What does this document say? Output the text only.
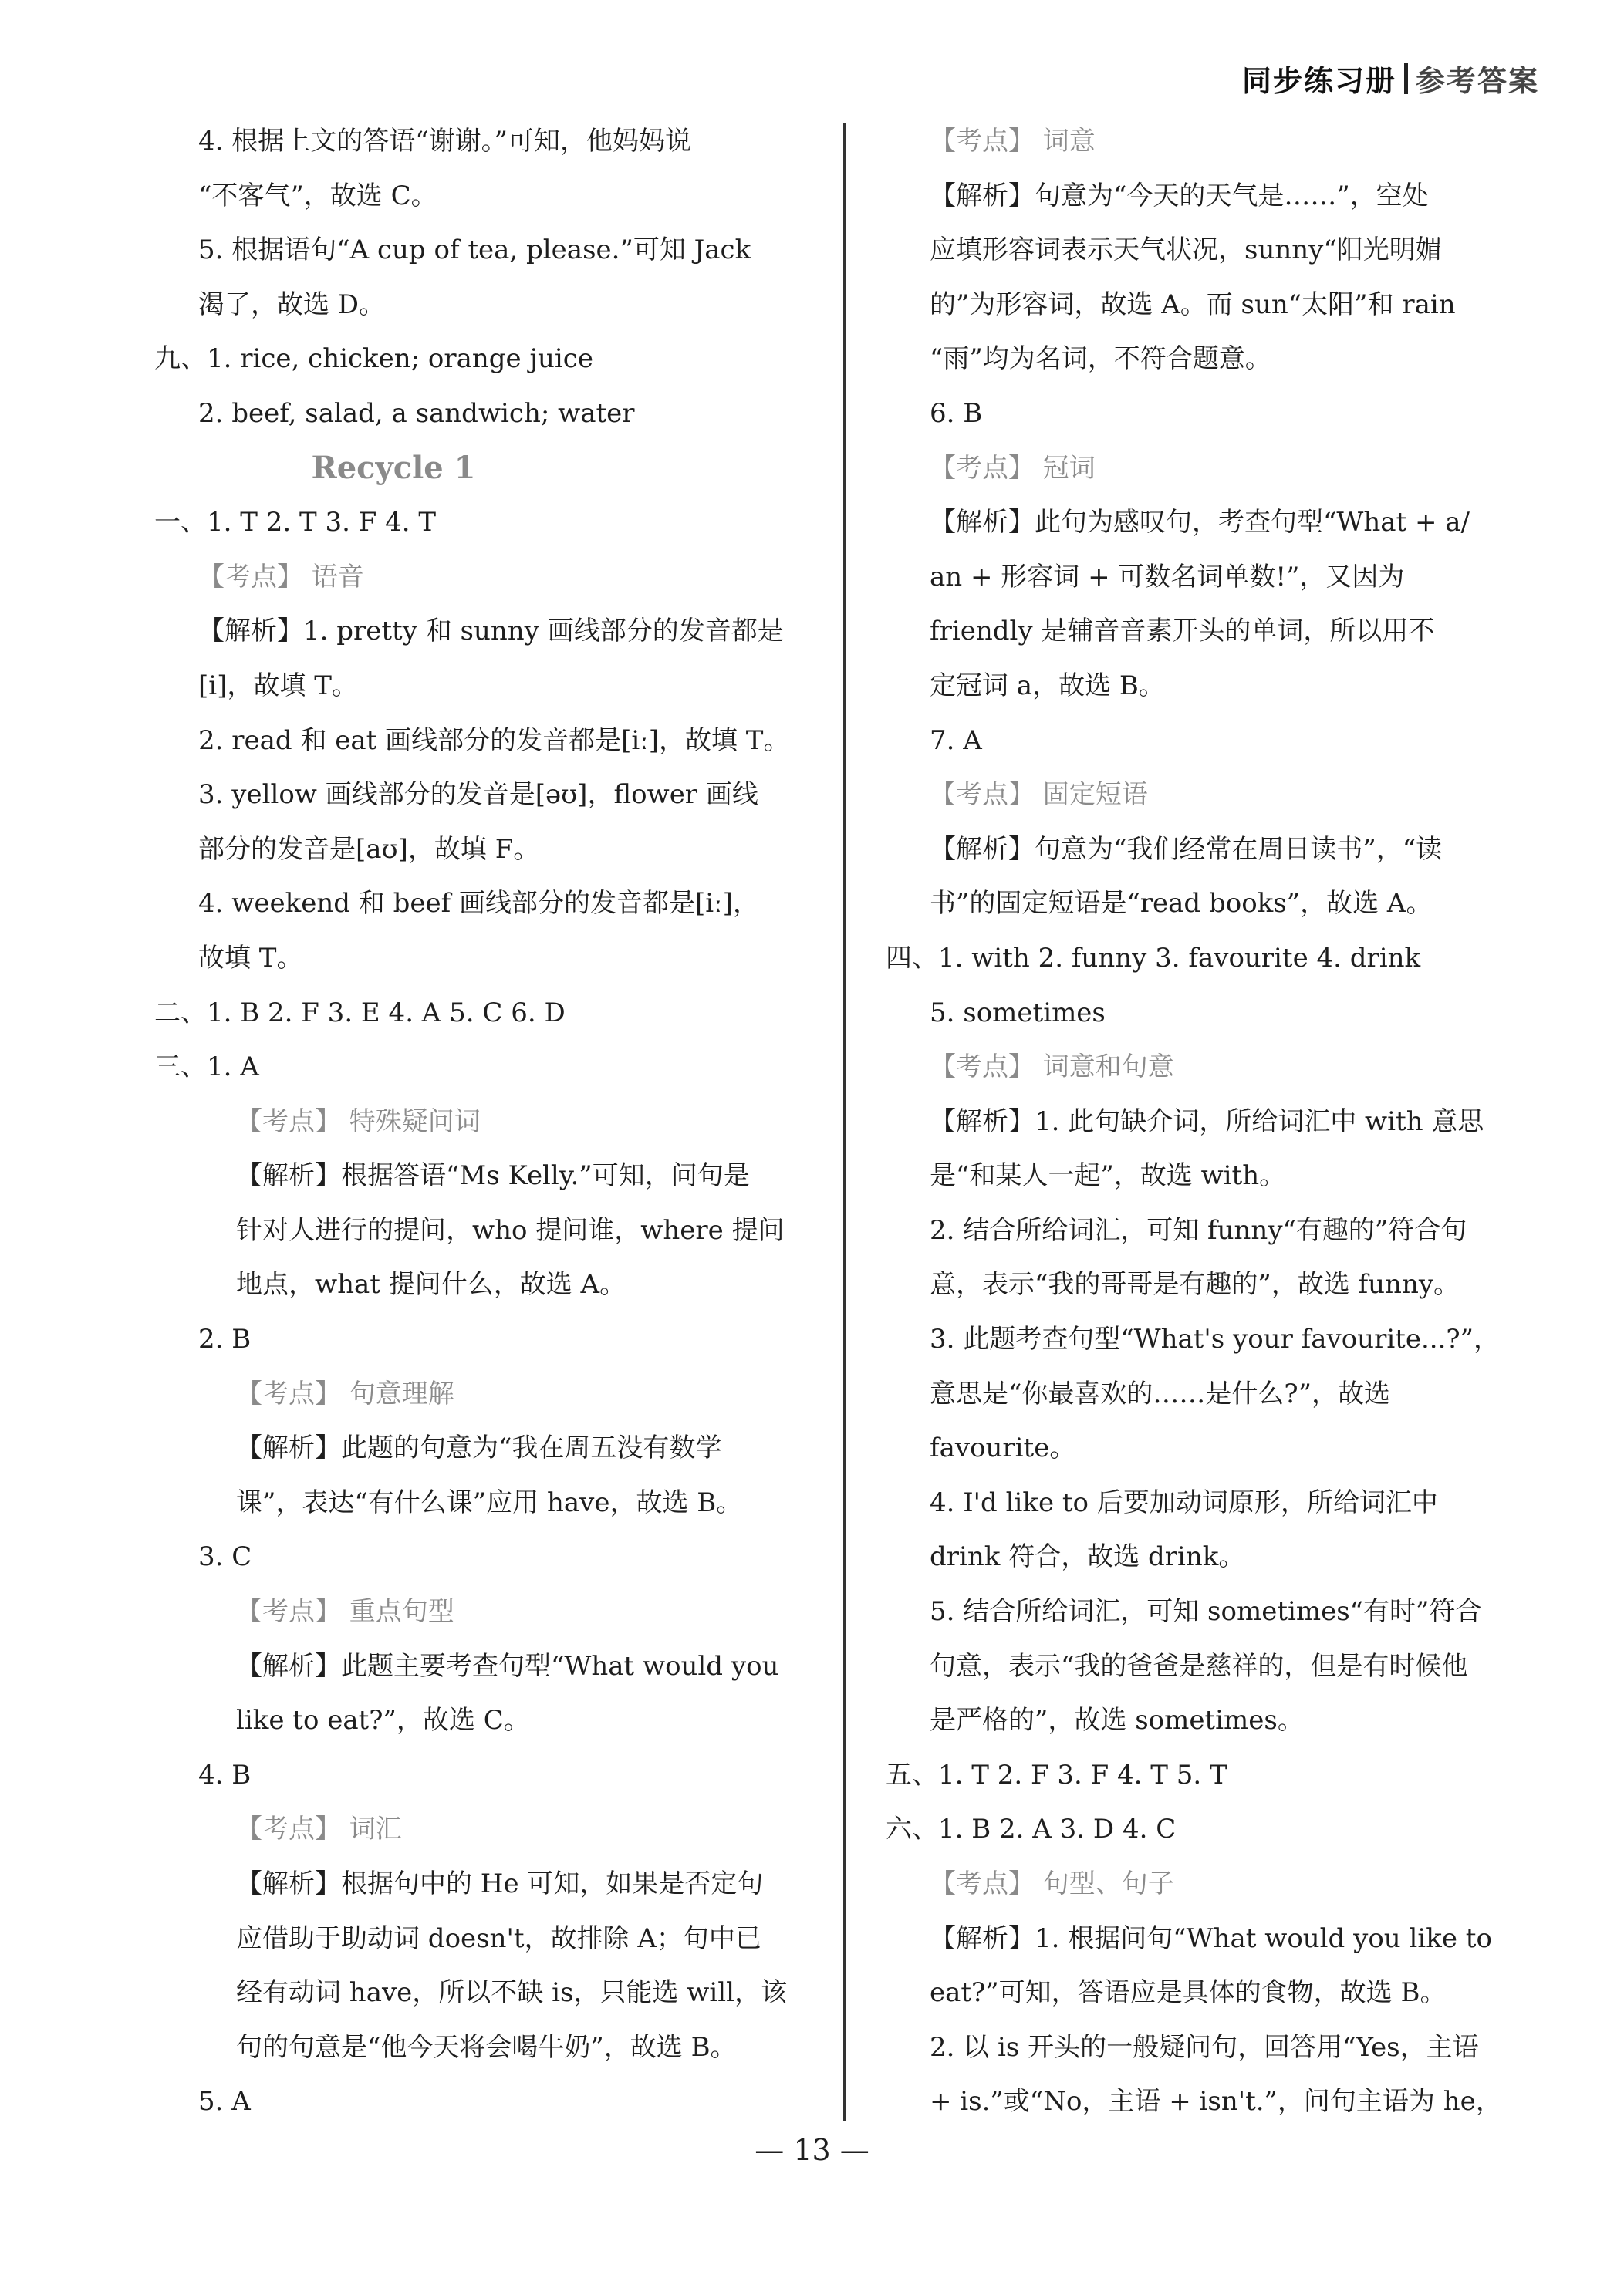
同步练习册 参考答案
4. 根据上文的答语“谢谢。”可知，他妈妈说
“不客气”，故选 C。
5. 根据语句“A cup of tea, please.”可知 Jack
渴了，故选 D。
九、1. rice, chicken; orange juice
2. beef, salad, a sandwich; water
Recycle 1
一、1. T 2. T 3. F 4. T
【考点】 语音
【解析】1. pretty 和 sunny 画线部分的发音都是
[i]，故填 T。
2. read 和 eat 画线部分的发音都是[iː]，故填 T。
3. yellow 画线部分的发音是[əʊ]，flower 画线
部分的发音是[aʊ]，故填 F。
4. weekend 和 beef 画线部分的发音都是[iː]，
故填 T。
二、1. B 2. F 3. E 4. A 5. C 6. D
三、1. A
【考点】 特殊疑问词
【解析】根据答语“Ms Kelly.”可知，问句是
针对人进行的提问，who 提问谁，where 提问
地点，what 提问什么，故选 A。
2. B
【考点】 句意理解
【解析】此题的句意为“我在周五没有数学
课”，表达“有什么课”应用 have，故选 B。
3. C
【考点】 重点句型
【解析】此题主要考查句型“What would you
like to eat?”，故选 C。
4. B
【考点】 词汇
【解析】根据句中的 He 可知，如果是否定句
应借助于助动词 doesn't，故排除 A；句中已
经有动词 have，所以不缺 is，只能选 will，该
句的句意是“他今天将会喝牛奶”，故选 B。
5. A
【考点】 词意
【解析】句意为“今天的天气是……”，空处
应填形容词表示天气状况，sunny“阳光明媚
的”为形容词，故选 A。而 sun“太阳”和 rain
“雨”均为名词，不符合题意。
6. B
【考点】 冠词
【解析】此句为感叹句，考查句型“What + a/
an + 形容词 + 可数名词单数!”，又因为
friendly 是辅音音素开头的单词，所以用不
定冠词 a，故选 B。
7. A
【考点】 固定短语
【解析】句意为“我们经常在周日读书”，“读
书”的固定短语是“read books”，故选 A。
四、1. with 2. funny 3. favourite 4. drink
5. sometimes
【考点】 词意和句意
【解析】1. 此句缺介词，所给词汇中 with 意思
是“和某人一起”，故选 with。
2. 结合所给词汇，可知 funny“有趣的”符合句
意，表示“我的哥哥是有趣的”，故选 funny。
3. 此题考查句型“What's your favourite...?”，
意思是“你最喜欢的……是什么?”，故选
favourite。
4. I'd like to 后要加动词原形，所给词汇中
drink 符合，故选 drink。
5. 结合所给词汇，可知 sometimes“有时”符合
句意，表示“我的爸爸是慈祥的，但是有时候他
是严格的”，故选 sometimes。
五、1. T 2. F 3. F 4. T 5. T
六、1. B 2. A 3. D 4. C
【考点】 句型、句子
【解析】1. 根据问句“What would you like to
eat?”可知，答语应是具体的食物，故选 B。
2. 以 is 开头的一般疑问句，回答用“Yes，主语
+ is.”或“No，主语 + isn't.”，问句主语为 he，
— 13 —
